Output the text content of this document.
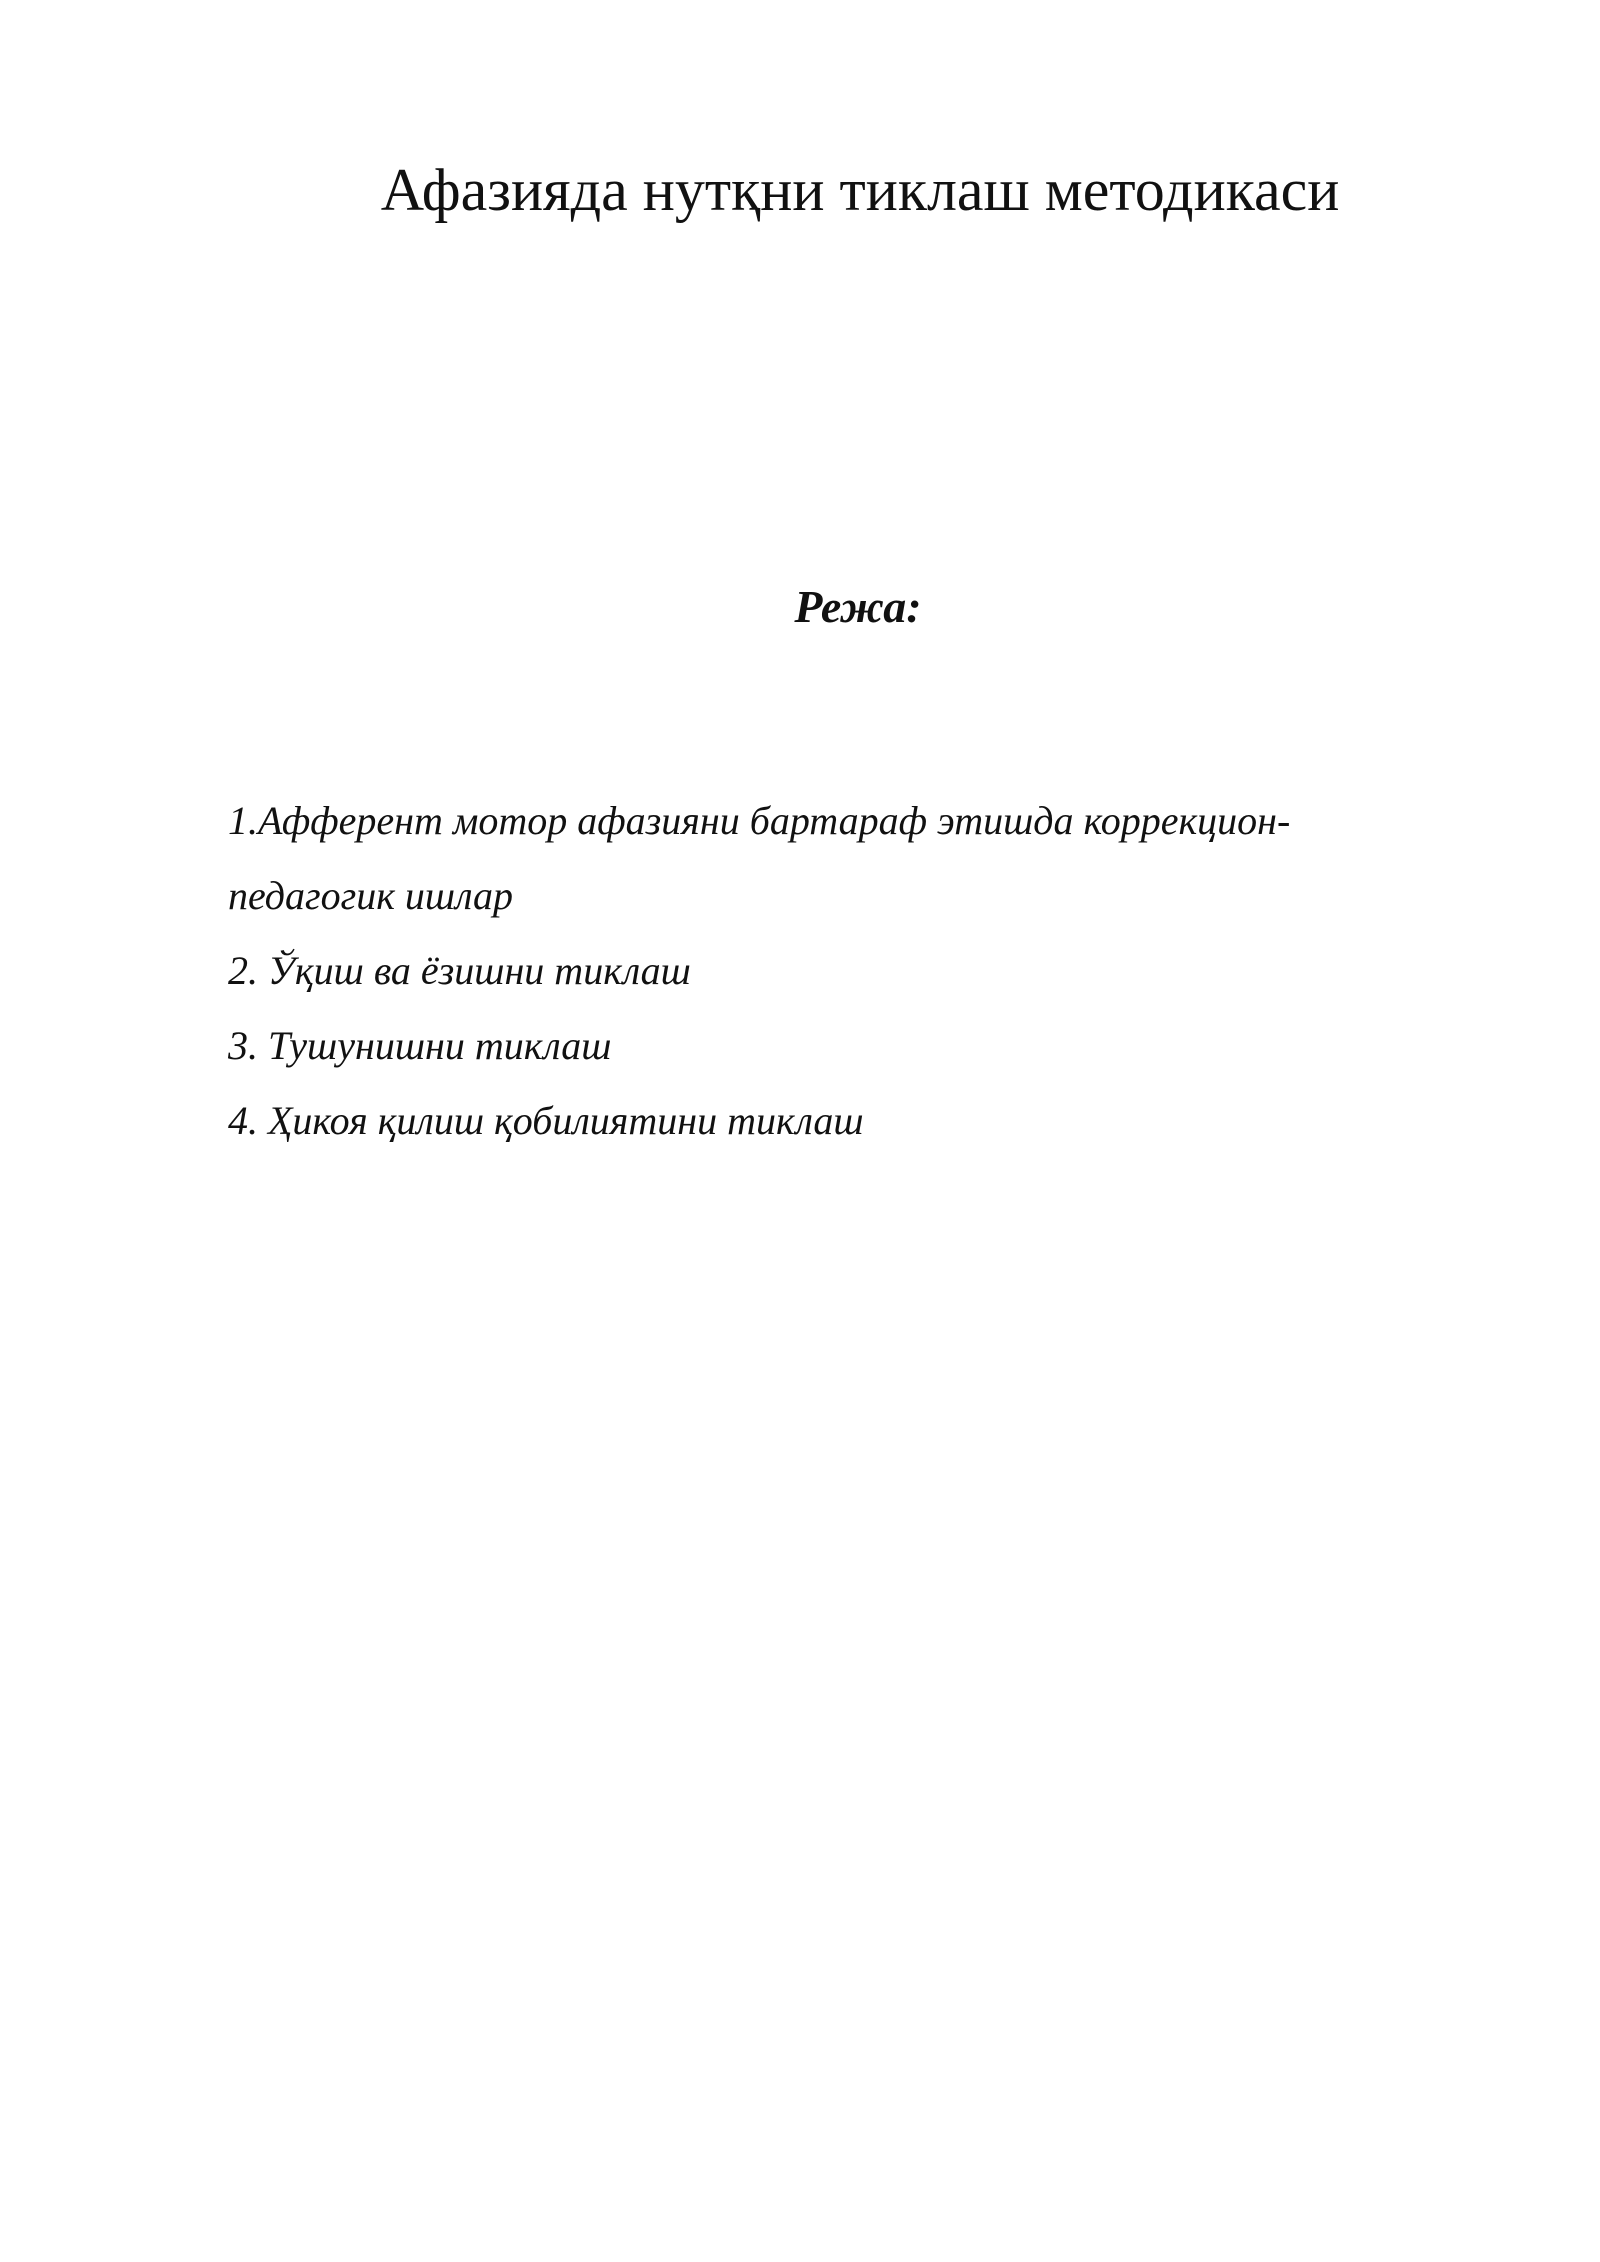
Афазияда нутқни тиклаш методикаси
Режа:
1.Афферент мотор афазияни бартараф этишда коррекцион-
педагогик ишлар
2. Ўқиш ва ёзишни тиклаш
3. Тушунишни тиклаш
4. Ҳикоя қилиш қобилиятини тиклаш
